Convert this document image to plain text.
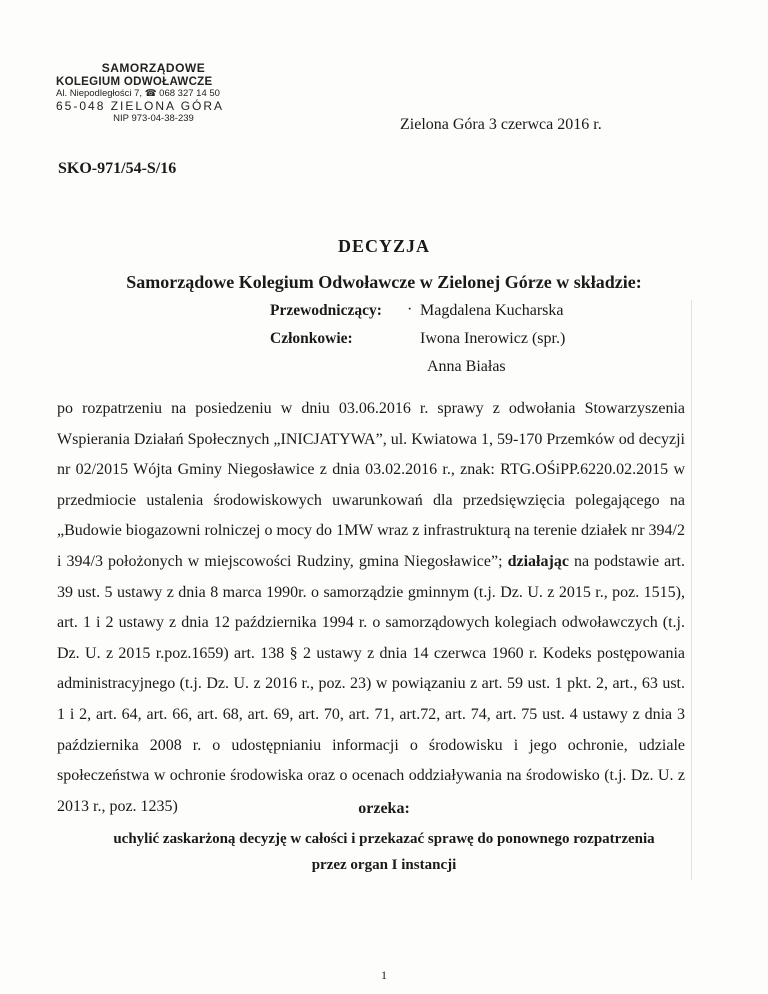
SAMORZĄDOWE
KOLEGIUM ODWOŁAWCZE
Al. Niepodległości 7, ☎ 068 327 14 50
65-048 ZIELONA GÓRA
NIP 973-04-38-239	Zielona Góra 3 czerwca 2016 r.
SKO-971/54-S/16
DECYZJA
Samorządowe Kolegium Odwoławcze w Zielonej Górze w składzie:
Przewodniczący: · Magdalena Kucharska
Członkowie:	Iwona Inerowicz (spr.)
Anna Białas
po rozpatrzeniu na posiedzeniu w dniu 03.06.2016 r. sprawy z odwołania Stowarzyszenia Wspierania Działań Społecznych „INICJATYWA”, ul. Kwiatowa 1, 59-170 Przemków od decyzji nr 02/2015 Wójta Gminy Niegosławice z dnia 03.02.2016 r., znak: RTG.OŚiPP.6220.02.2015 w przedmiocie ustalenia środowiskowych uwarunkowań dla przedsięwzięcia polegającego na „Budowie biogazowni rolniczej o mocy do 1MW wraz z infrastrukturą na terenie działek nr 394/2 i 394/3 położonych w miejscowości Rudziny, gmina Niegosławice”; działając na podstawie art. 39 ust. 5 ustawy z dnia 8 marca 1990r. o samorządzie gminnym (t.j. Dz. U. z 2015 r., poz. 1515), art. 1 i 2 ustawy z dnia 12 października 1994 r. o samorządowych kolegiach odwoławczych (t.j. Dz. U. z 2015 r.poz.1659) art. 138 § 2 ustawy z dnia 14 czerwca 1960 r. Kodeks postępowania administracyjnego (t.j. Dz. U. z 2016 r., poz. 23) w powiązaniu z art. 59 ust. 1 pkt. 2, art., 63 ust. 1 i 2, art. 64, art. 66, art. 68, art. 69, art. 70, art. 71, art.72, art. 74, art. 75 ust. 4 ustawy z dnia 3 października 2008 r. o udostępnianiu informacji o środowisku i jego ochronie, udziale społeczeństwa w ochronie środowiska oraz o ocenach oddziaływania na środowisko (t.j. Dz. U. z 2013 r., poz. 1235)	orzeka:
uchylić zaskarżoną decyzję w całości i przekazać sprawę do ponownego rozpatrzenia
przez organ I instancji
1
